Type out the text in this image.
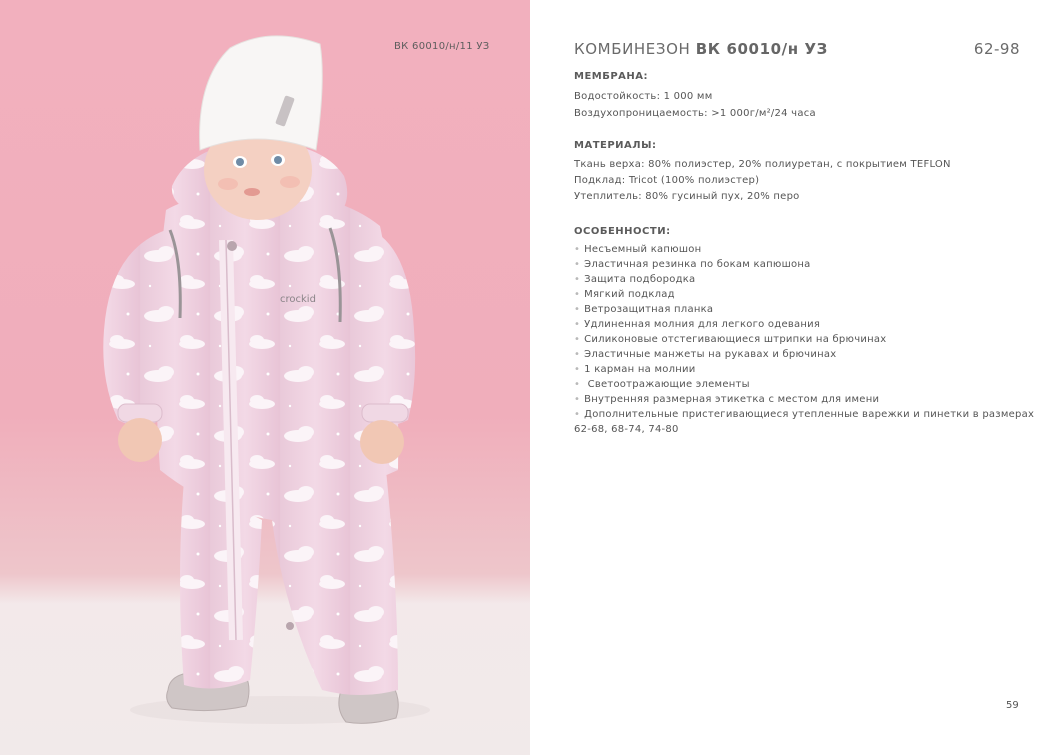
crockid
ВК 60010/н/11 УЗ	КОМБИНЕЗОН ВК 60010/н УЗ	62-98
МЕМБРАНА:
Водостойкость: 1 000 мм
Воздухопроницаемость: >1 000г/м²/24 часа
МАТЕРИАЛЫ:
Ткань верха: 80% полиэстер, 20% полиуретан, с покрытием TEFLON
Подклад: Tricot (100% полиэстер)
Утеплитель: 80% гусиный пух, 20% перо
ОСОБЕННОСТИ:
• Несъемный капюшон
• Эластичная резинка по бокам капюшона
• Защита подбородка
• Мягкий подклад
• Ветрозащитная планка
• Удлиненная молния для легкого одевания
• Силиконовые отстегивающиеся штрипки на брючинах
• Эластичные манжеты на рукавах и брючинах
• 1 карман на молнии
• Светоотражающие элементы
• Внутренняя размерная этикетка с местом для имени
• Дополнительные пристегивающиеся утепленные варежки и пинетки в размерах
62-68, 68-74, 74-80
59
